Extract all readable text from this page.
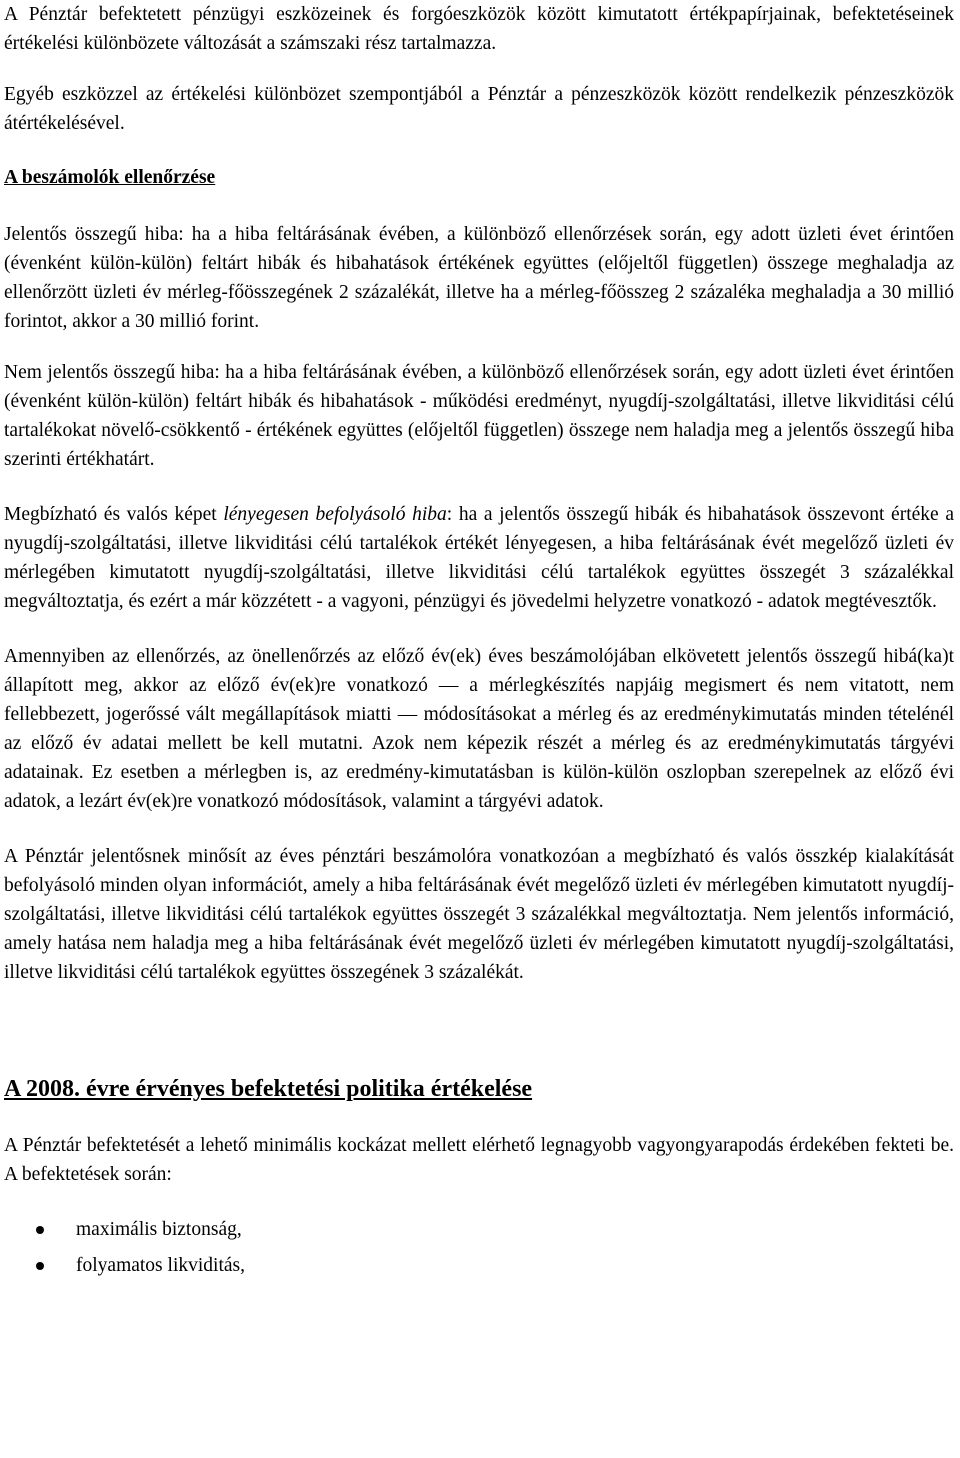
A Pénztár befektetett pénzügyi eszközeinek és forgóeszközök között kimutatott értékpapírjainak, befektetéseinek értékelési különbözete változását a számszaki rész tartalmazza.

Egyéb eszközzel az értékelési különbözet szempontjából a Pénztár a pénzeszközök között rendelkezik pénzeszközök átértékelésével.

A beszámolók ellenőrzése

Jelentős összegű hiba: ha a hiba feltárásának évében, a különböző ellenőrzések során, egy adott üzleti évet érintően (évenként külön-külön) feltárt hibák és hibahatások értékének együttes (előjeltől független) összege meghaladja az ellenőrzött üzleti év mérleg-főösszegének 2 százalékát, illetve ha a mérleg-főösszeg 2 százaléka meghaladja a 30 millió forintot, akkor a 30 millió forint.

Nem jelentős összegű hiba: ha a hiba feltárásának évében, a különböző ellenőrzések során, egy adott üzleti évet érintően (évenként külön-külön) feltárt hibák és hibahatások - működési eredményt, nyugdíj-szolgáltatási, illetve likviditási célú tartalékokat növelő-csökkentő - értékének együttes (előjeltől független) összege nem haladja meg a jelentős összegű hiba szerinti értékhatárt.

Megbízható és valós képet lényegesen befolyásoló hiba: ha a jelentős összegű hibák és hibahatások összevont értéke a nyugdíj-szolgáltatási, illetve likviditási célú tartalékok értékét lényegesen, a hiba feltárásának évét megelőző üzleti év mérlegében kimutatott nyugdíj-szolgáltatási, illetve likviditási célú tartalékok együttes összegét 3 százalékkal megváltoztatja, és ezért a már közzétett - a vagyoni, pénzügyi és jövedelmi helyzetre vonatkozó - adatok megtévesztők.

Amennyiben az ellenőrzés, az önellenőrzés az előző év(ek) éves beszámolójában elkövetett jelentős összegű hibá(ka)t állapított meg, akkor az előző év(ek)re vonatkozó — a mérlegkészítés napjáig megismert és nem vitatott, nem fellebbezett, jogerőssé vált megállapítások miatti — módosításokat a mérleg és az eredménykimutatás minden tételénél az előző év adatai mellett be kell mutatni. Azok nem képezik részét a mérleg és az eredménykimutatás tárgyévi adatainak. Ez esetben a mérlegben is, az eredmény-kimutatásban is külön-külön oszlopban szerepelnek az előző évi adatok, a lezárt év(ek)re vonatkozó módosítások, valamint a tárgyévi adatok.

A Pénztár jelentősnek minősít az éves pénztári beszámolóra vonatkozóan a megbízható és valós összkép kialakítását befolyásoló minden olyan információt, amely a hiba feltárásának évét megelőző üzleti év mérlegében kimutatott nyugdíj-szolgáltatási, illetve likviditási célú tartalékok együttes összegét 3 százalékkal megváltoztatja. Nem jelentős információ, amely hatása nem haladja meg a hiba feltárásának évét megelőző üzleti év mérlegében kimutatott nyugdíj-szolgáltatási, illetve likviditási célú tartalékok együttes összegének 3 százalékát.

A 2008. évre érvényes befektetési politika értékelése

A Pénztár befektetését a lehető minimális kockázat mellett elérhető legnagyobb vagyongyarapodás érdekében fekteti be. A befektetések során:

maximális biztonság,
folyamatos likviditás,
